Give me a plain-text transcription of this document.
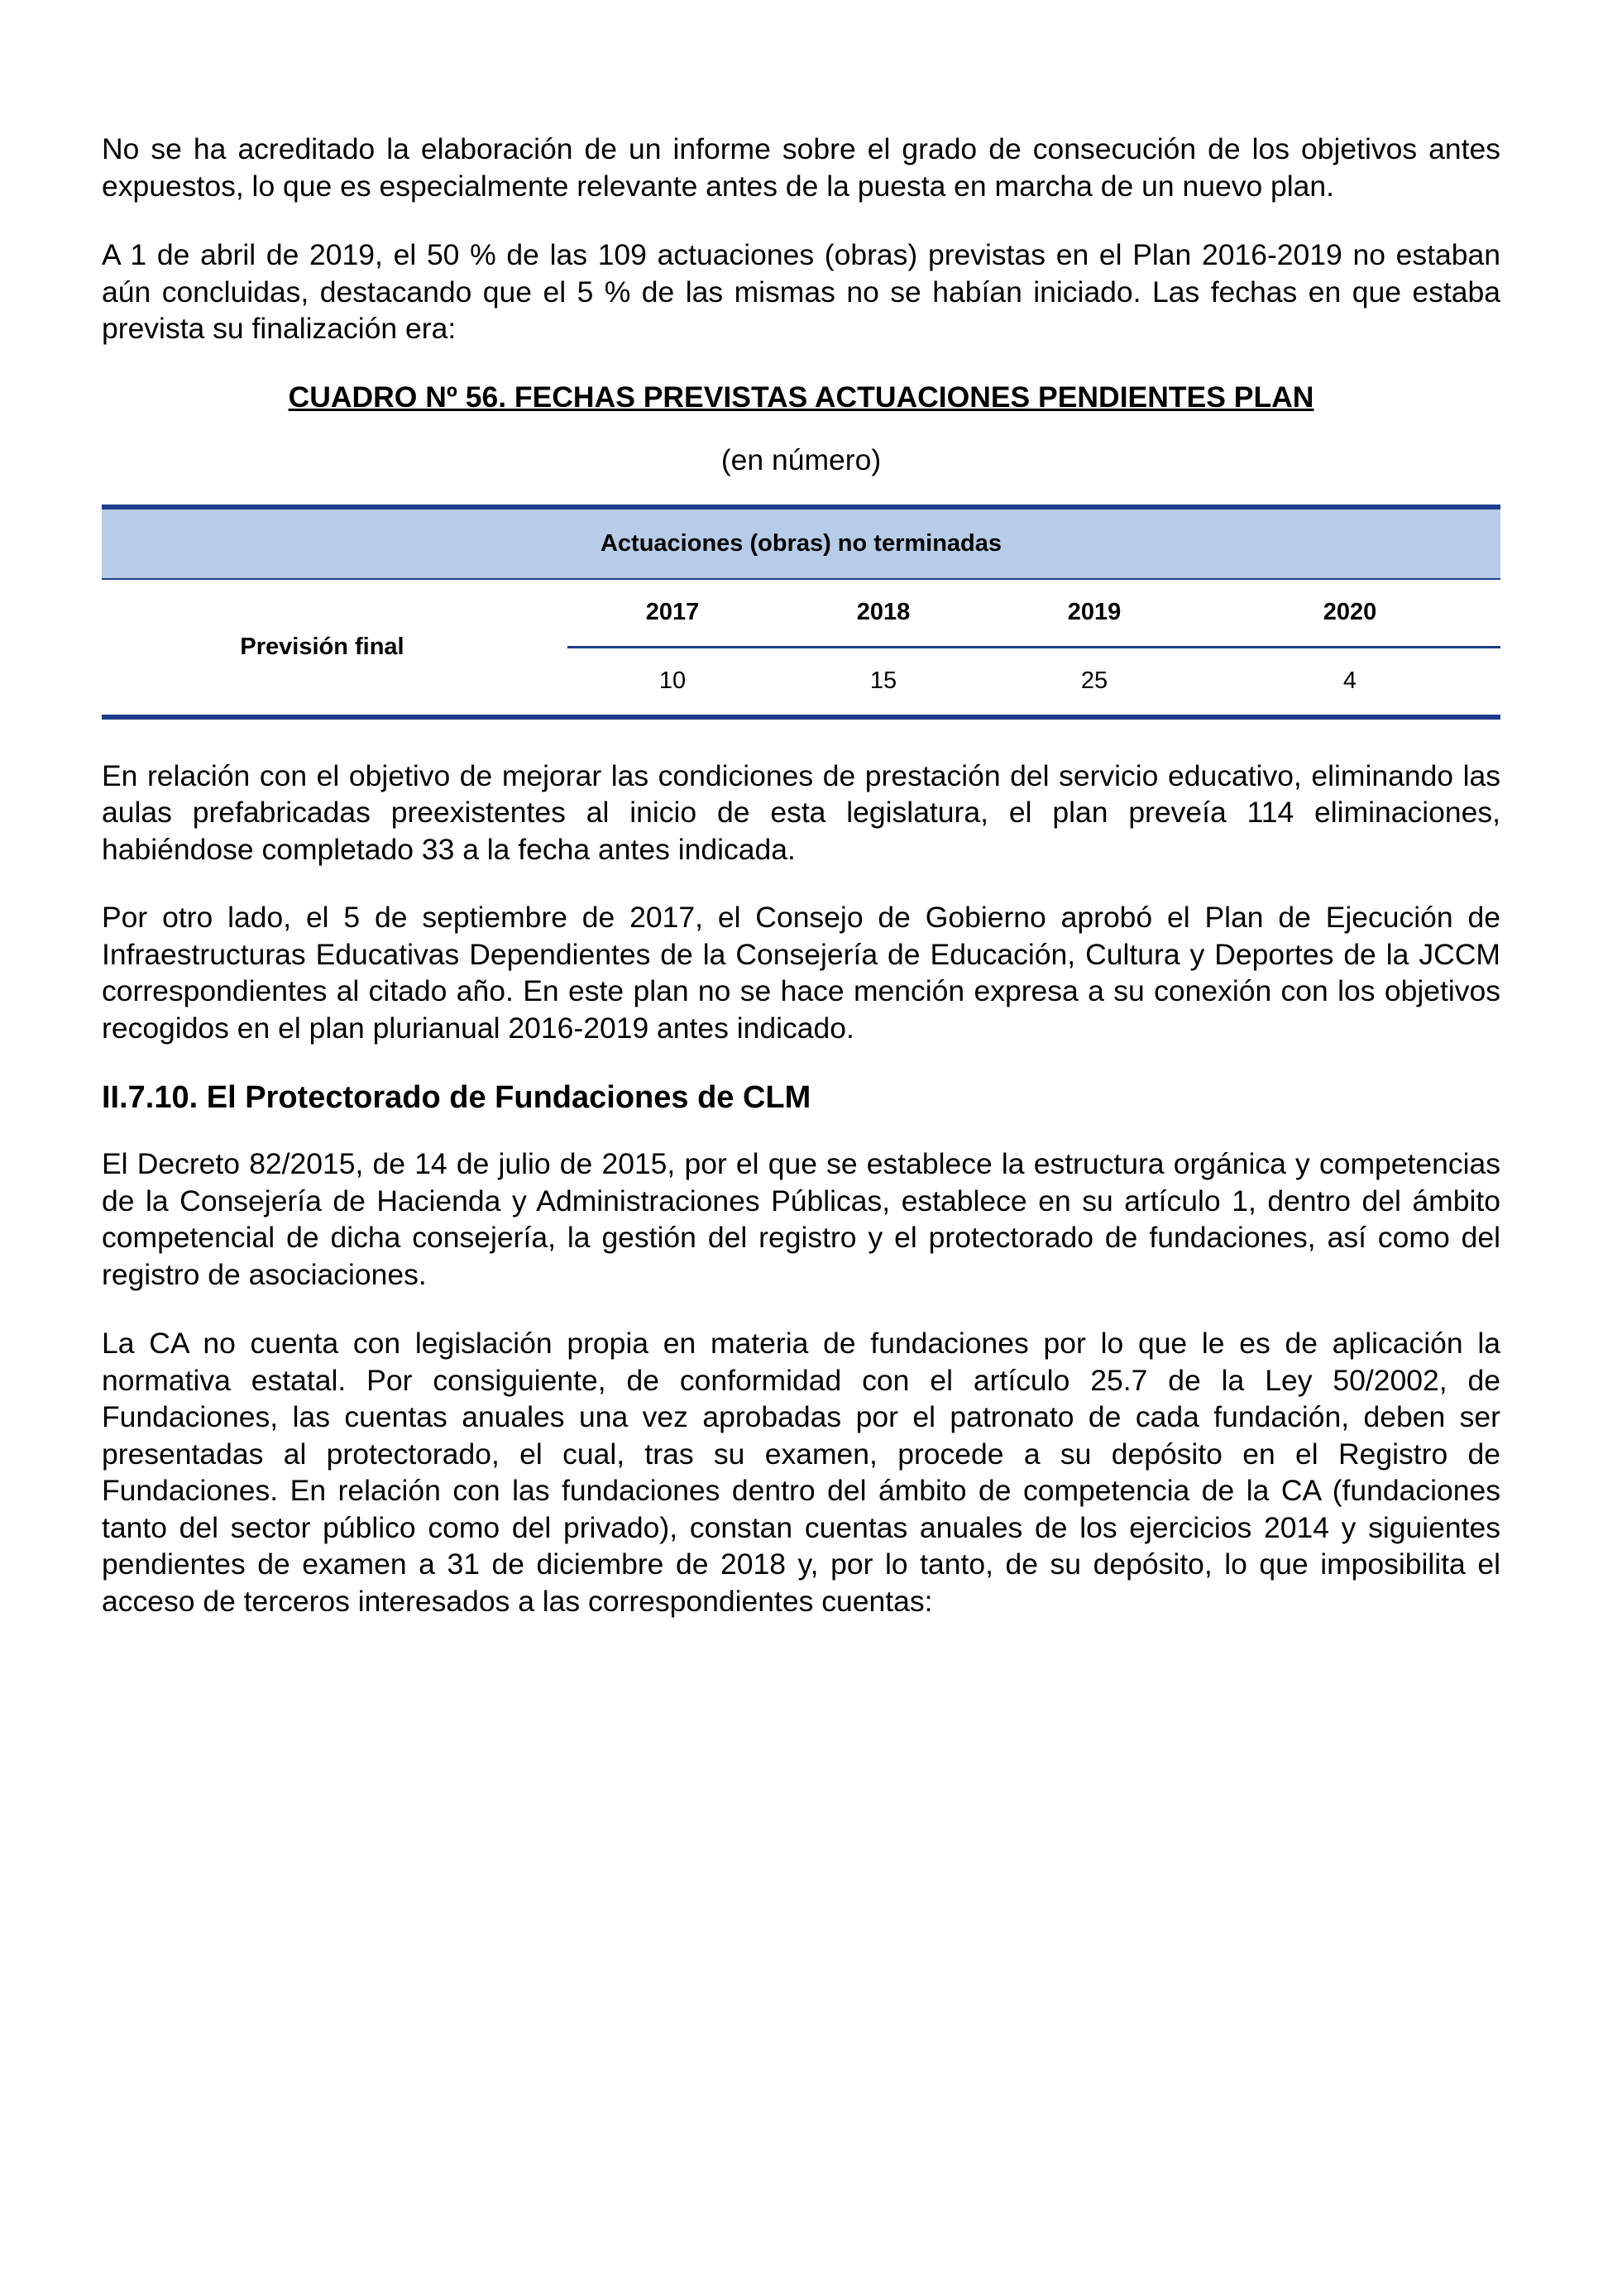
No se ha acreditado la elaboración de un informe sobre el grado de consecución de los objetivos antes expuestos, lo que es especialmente relevante antes de la puesta en marcha de un nuevo plan.

A 1 de abril de 2019, el 50 % de las 109 actuaciones (obras) previstas en el Plan 2016-2019 no estaban aún concluidas, destacando que el 5 % de las mismas no se habían iniciado. Las fechas en que estaba prevista su finalización era:

CUADRO Nº 56. FECHAS PREVISTAS ACTUACIONES PENDIENTES PLAN

(en número)

Actuaciones (obras) no terminadas
Previsión final
2017	2018	2019	2020
10	15	25	4

En relación con el objetivo de mejorar las condiciones de prestación del servicio educativo, eliminando las aulas prefabricadas preexistentes al inicio de esta legislatura, el plan preveía 114 eliminaciones, habiéndose completado 33 a la fecha antes indicada.

Por otro lado, el 5 de septiembre de 2017, el Consejo de Gobierno aprobó el Plan de Ejecución de Infraestructuras Educativas Dependientes de la Consejería de Educación, Cultura y Deportes de la JCCM correspondientes al citado año. En este plan no se hace mención expresa a su conexión con los objetivos recogidos en el plan plurianual 2016-2019 antes indicado.

II.7.10. El Protectorado de Fundaciones de CLM

El Decreto 82/2015, de 14 de julio de 2015, por el que se establece la estructura orgánica y competencias de la Consejería de Hacienda y Administraciones Públicas, establece en su artículo 1, dentro del ámbito competencial de dicha consejería, la gestión del registro y el protectorado de fundaciones, así como del registro de asociaciones.

La CA no cuenta con legislación propia en materia de fundaciones por lo que le es de aplicación la normativa estatal. Por consiguiente, de conformidad con el artículo 25.7 de la Ley 50/2002, de Fundaciones, las cuentas anuales una vez aprobadas por el patronato de cada fundación, deben ser presentadas al protectorado, el cual, tras su examen, procede a su depósito en el Registro de Fundaciones. En relación con las fundaciones dentro del ámbito de competencia de la CA (fundaciones tanto del sector público como del privado), constan cuentas anuales de los ejercicios 2014 y siguientes pendientes de examen a 31 de diciembre de 2018 y, por lo tanto, de su depósito, lo que imposibilita el acceso de terceros interesados a las correspondientes cuentas:
